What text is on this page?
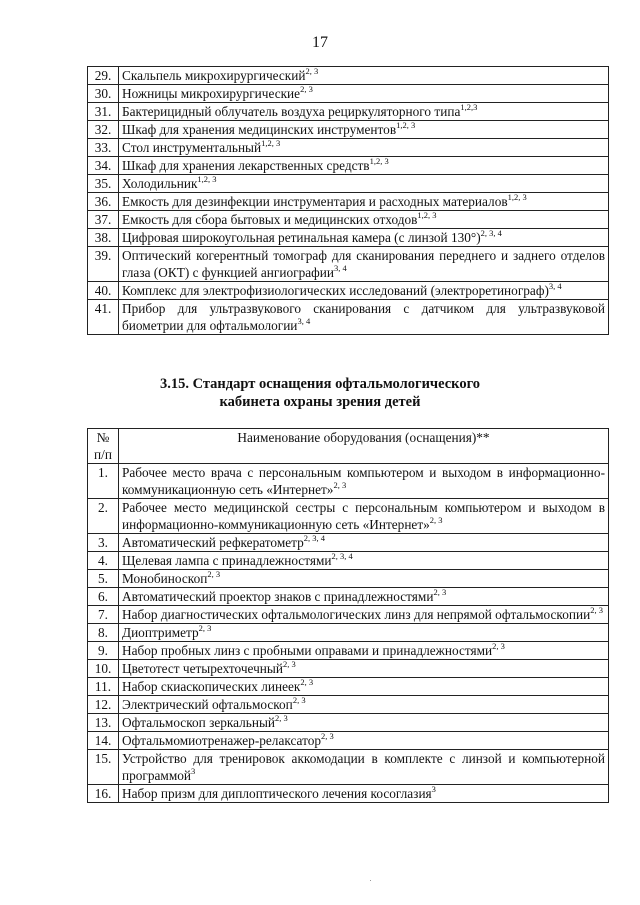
17
29.	Скальпель микрохирургический$^{2, 3}$
30.	Ножницы микрохирургические$^{2, 3}$
31.	Бактерицидный облучатель воздуха рециркуляторного типа$^{1,2,3}$
32.	Шкаф для хранения медицинских инструментов$^{1,2, 3}$
33.	Стол инструментальный$^{1,2, 3}$
34.	Шкаф для хранения лекарственных средств$^{1,2, 3}$
35.	Холодильник$^{1,2, 3}$
36.	Емкость для дезинфекции инструментария и расходных материалов$^{1,2, 3}$
37.	Емкость для сбора бытовых и медицинских отходов$^{1,2, 3}$
38.	Цифровая широкоугольная ретинальная камера (с линзой 130°)$^{2, 3, 4}$
39.	Оптический когерентный томограф для сканирования переднего и заднего отделов глаза (ОКТ) с функцией ангиографии$^{3, 4}$
40.	Комплекс для электрофизиологических исследований (электроретинограф)$^{3, 4}$
41.	Прибор для ультразвукового сканирования с датчиком для ультразвуковой биометрии для офтальмологии$^{3, 4}$
3.15. Стандарт оснащения офтальмологического
кабинета охраны зрения детей
№
п/п	Наименование оборудования (оснащения)**
1.	Рабочее место врача с персональным компьютером и выходом в информационно-коммуникационную сеть «Интернет»$^{2, 3}$
2.	Рабочее место медицинской сестры с персональным компьютером и выходом в информационно-коммуникационную сеть «Интернет»$^{2, 3}$
3.	Автоматический рефкератометр$^{2, 3, 4}$
4.	Щелевая лампа с принадлежностями$^{2, 3, 4}$
5.	Монобиноскоп$^{2, 3}$
6.	Автоматический проектор знаков с принадлежностями$^{2, 3}$
7.	Набор диагностических офтальмологических линз для непрямой офтальмоскопии$^{2, 3}$
8.	Диоптриметр$^{2, 3}$
9.	Набор пробных линз с пробными оправами и принадлежностями$^{2, 3}$
10.	Цветотест четырехточечный$^{2, 3}$
11.	Набор скиаскопических линеек$^{2, 3}$
12.	Электрический офтальмоскоп$^{2, 3}$
13.	Офтальмоскоп зеркальный$^{2, 3}$
14.	Офтальмомиотренажер-релаксатор$^{2, 3}$
15.	Устройство для тренировок аккомодации в комплекте с линзой и компьютерной программой$^3$
16.	Набор призм для диплоптического лечения косоглазия$^3$
